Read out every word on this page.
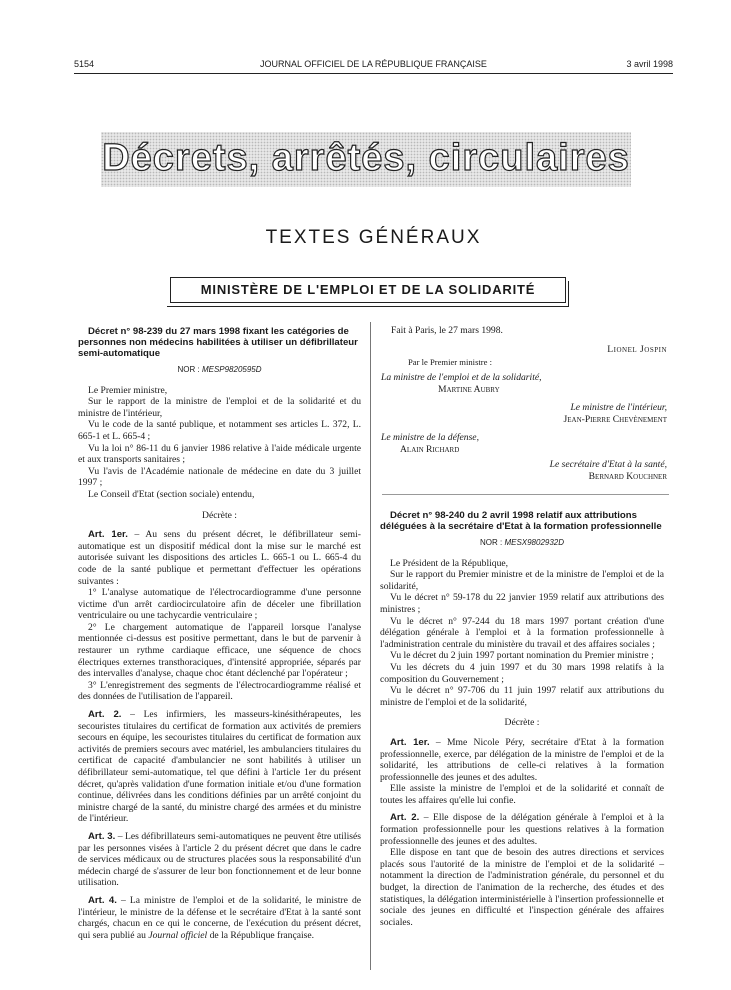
5154	JOURNAL OFFICIEL DE LA RÉPUBLIQUE FRANÇAISE	3 avril 1998
Décrets, arrêtés, circulaires
TEXTES GÉNÉRAUX
MINISTÈRE DE L'EMPLOI ET DE LA SOLIDARITÉ

Décret n° 98-239 du 27 mars 1998 fixant les catégories de personnes non médecins habilitées à utiliser un défibrillateur semi-automatique

NOR : MESP9820595D

Le Premier ministre,

Sur le rapport de la ministre de l'emploi et de la solidarité et du ministre de l'intérieur,

Vu le code de la santé publique, et notamment ses articles L. 372, L. 665-1 et L. 665-4 ;

Vu la loi n° 86-11 du 6 janvier 1986 relative à l'aide médicale urgente et aux transports sanitaires ;

Vu l'avis de l'Académie nationale de médecine en date du 3 juillet 1997 ;

Le Conseil d'Etat (section sociale) entendu,

Décrète :

Art. 1er. – Au sens du présent décret, le défibrillateur semi-automatique est un dispositif médical dont la mise sur le marché est autorisée suivant les dispositions des articles L. 665-1 ou L. 665-4 du code de la santé publique et permettant d'effectuer les opérations suivantes :

1° L'analyse automatique de l'électrocardiogramme d'une personne victime d'un arrêt cardiocirculatoire afin de déceler une fibrillation ventriculaire ou une tachycardie ventriculaire ;

2° Le chargement automatique de l'appareil lorsque l'analyse mentionnée ci-dessus est positive permettant, dans le but de parvenir à restaurer un rythme cardiaque efficace, une séquence de chocs électriques externes transthoraciques, d'intensité appropriée, séparés par des intervalles d'analyse, chaque choc étant déclenché par l'opérateur ;

3° L'enregistrement des segments de l'électrocardiogramme réalisé et des données de l'utilisation de l'appareil.

Art. 2. – Les infirmiers, les masseurs-kinésithérapeutes, les secouristes titulaires du certificat de formation aux activités de premiers secours en équipe, les secouristes titulaires du certificat de formation aux activités de premiers secours avec matériel, les ambulanciers titulaires du certificat de capacité d'ambulancier ne sont habilités à utiliser un défibrillateur semi-automatique, tel que défini à l'article 1er du présent décret, qu'après validation d'une formation initiale et/ou d'une formation continue, délivrées dans les conditions définies par un arrêté conjoint du ministre chargé de la santé, du ministre chargé des armées et du ministre de l'intérieur.

Art. 3. – Les défibrillateurs semi-automatiques ne peuvent être utilisés par les personnes visées à l'article 2 du présent décret que dans le cadre de services médicaux ou de structures placées sous la responsabilité d'un médecin chargé de s'assurer de leur bon fonctionnement et de leur bonne utilisation.

Art. 4. – La ministre de l'emploi et de la solidarité, le ministre de l'intérieur, le ministre de la défense et le secrétaire d'Etat à la santé sont chargés, chacun en ce qui le concerne, de l'exécution du présent décret, qui sera publié au Journal officiel de la République française.

Fait à Paris, le 27 mars 1998.
Lionel Jospin
Par le Premier ministre :
La ministre de l'emploi et de la solidarité,
Martine Aubry
Le ministre de l'intérieur,
Jean-Pierre Chevènement
Le ministre de la défense,
Alain Richard
Le secrétaire d'Etat à la santé,
Bernard Kouchner

Décret n° 98-240 du 2 avril 1998 relatif aux attributions déléguées à la secrétaire d'Etat à la formation professionnelle

NOR : MESX9802932D

Le Président de la République,

Sur le rapport du Premier ministre et de la ministre de l'emploi et de la solidarité,

Vu le décret n° 59-178 du 22 janvier 1959 relatif aux attributions des ministres ;

Vu le décret n° 97-244 du 18 mars 1997 portant création d'une délégation générale à l'emploi et à la formation professionnelle à l'administration centrale du ministère du travail et des affaires sociales ;

Vu le décret du 2 juin 1997 portant nomination du Premier ministre ;

Vu les décrets du 4 juin 1997 et du 30 mars 1998 relatifs à la composition du Gouvernement ;

Vu le décret n° 97-706 du 11 juin 1997 relatif aux attributions du ministre de l'emploi et de la solidarité,

Décrète :

Art. 1er. – Mme Nicole Péry, secrétaire d'Etat à la formation professionnelle, exerce, par délégation de la ministre de l'emploi et de la solidarité, les attributions de celle-ci relatives à la formation professionnelle des jeunes et des adultes.

Elle assiste la ministre de l'emploi et de la solidarité et connaît de toutes les affaires qu'elle lui confie.

Art. 2. – Elle dispose de la délégation générale à l'emploi et à la formation professionnelle pour les questions relatives à la formation professionnelle des jeunes et des adultes.

Elle dispose en tant que de besoin des autres directions et services placés sous l'autorité de la ministre de l'emploi et de la solidarité – notamment la direction de l'administration générale, du personnel et du budget, la direction de l'animation de la recherche, des études et des statistiques, la délégation interministérielle à l'insertion professionnelle et sociale des jeunes en difficulté et l'inspection générale des affaires sociales.
